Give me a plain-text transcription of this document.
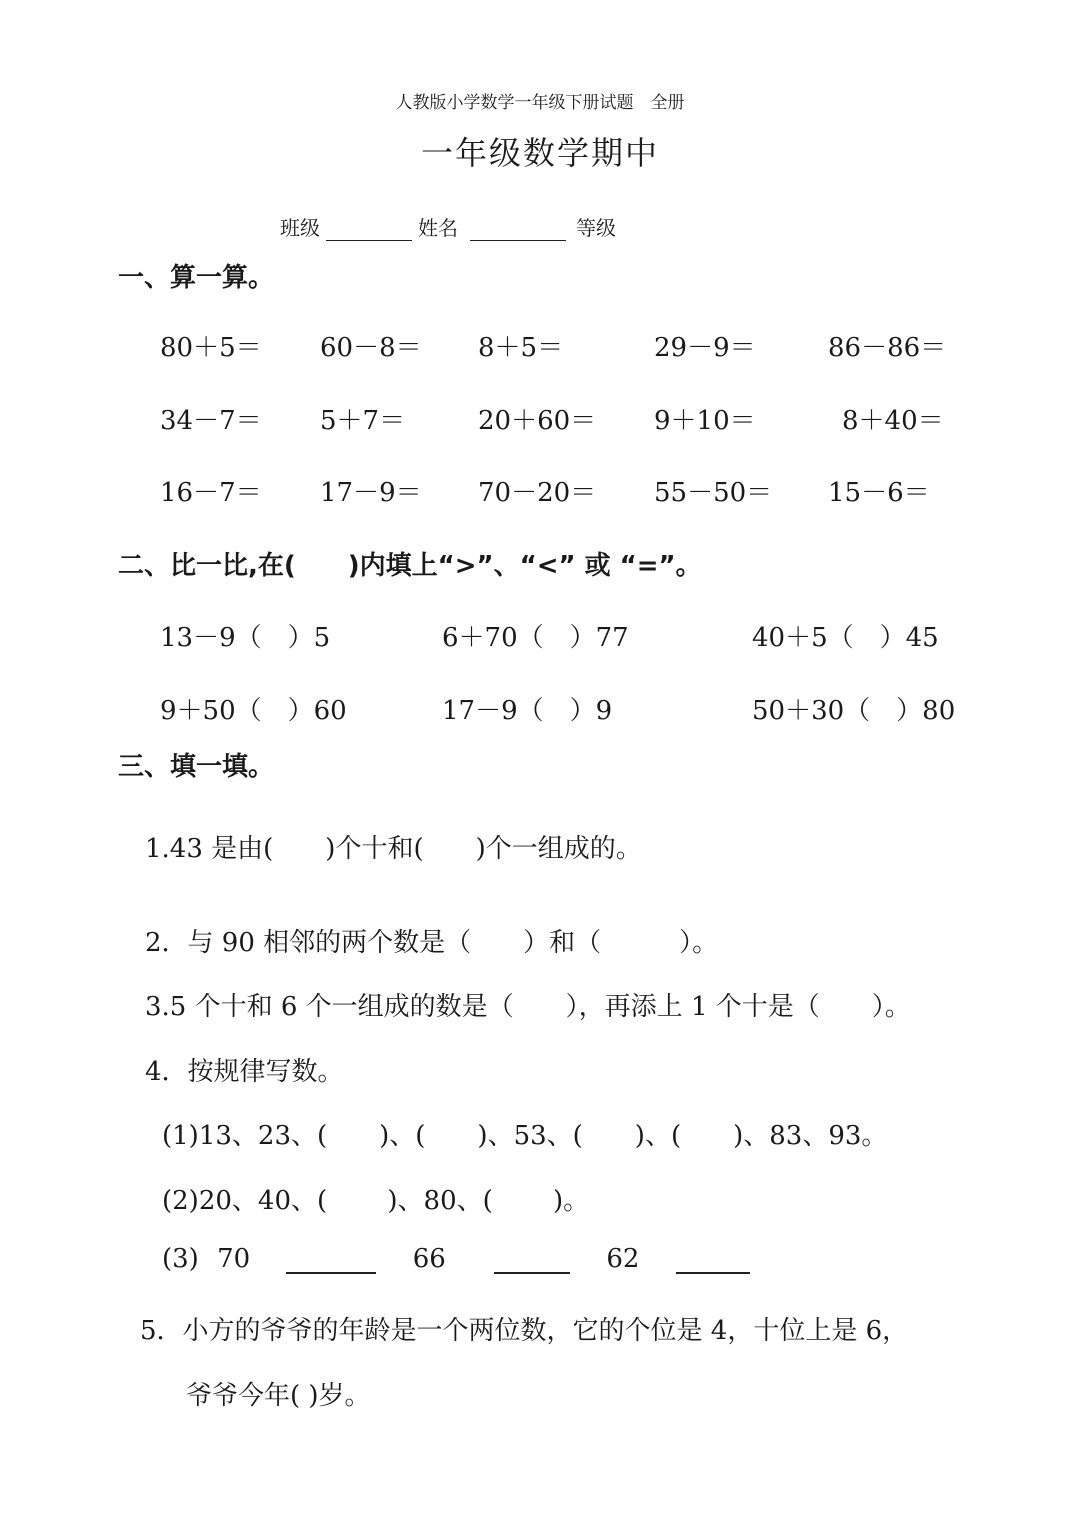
人教版小学数学一年级下册试题　全册
一年级数学期中
班级	姓名	等级
一、算一算。
80＋5＝ 60－8＝ 8＋5＝	29－9＝	86－86＝
34－7＝ 5＋7＝	20＋60＝ 9＋10＝	8＋40＝
16－7＝ 17－9＝ 70－20＝ 55－50＝ 15－6＝
二、比一比,在(　　)内填上“>”、“<” 或 “=”。
13－9（　）5	6＋70（　）77	40＋5（　）45
9＋50（　）60	17－9（　）9	50＋30（　）80
三、填一填。
1.43 是由(　　)个十和(　　)个一组成的。
2．与 90 相邻的两个数是（　　）和（　　　）。
3.5 个十和 6 个一组成的数是（　　），再添上 1 个十是（　　）。
4．按规律写数。
(1)13、23、(　　)、(　　)、53、(　　)、(　　)、83、93。
(2)20、40、(　　 )、80、(　　 )。
(3) 70	66	62
5．小方的爷爷的年龄是一个两位数，它的个位是 4，十位上是 6，
爷爷今年( )岁。
